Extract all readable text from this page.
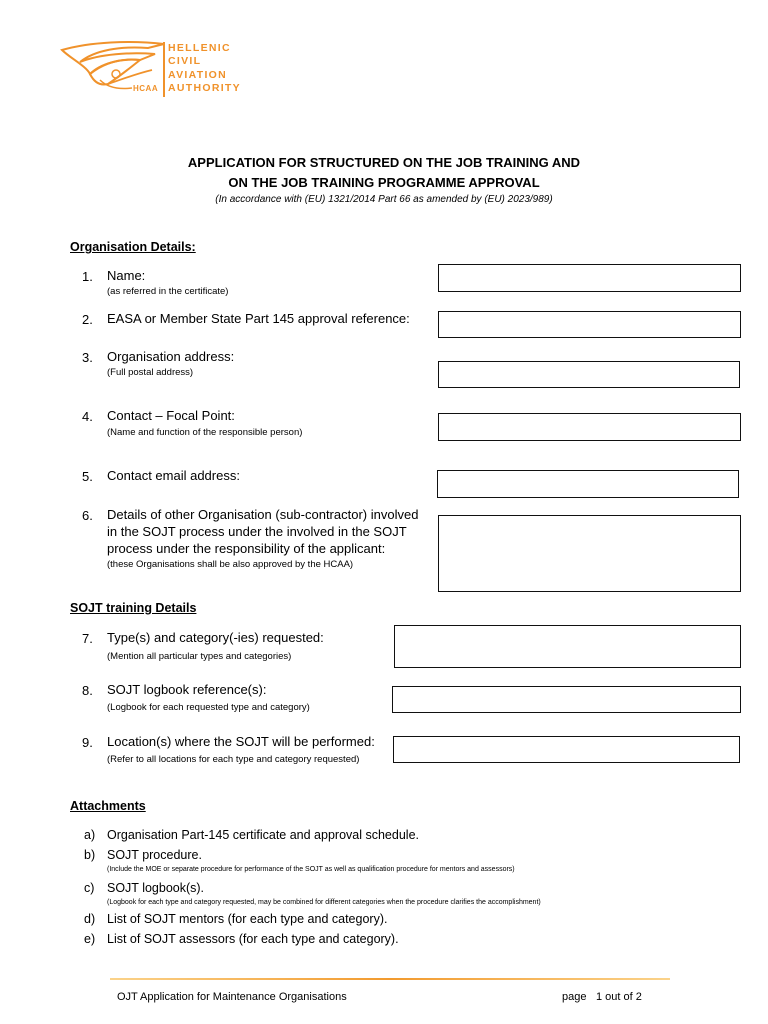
HELLENIC
CIVIL
AVIATION
AUTHORITY
HCAA
APPLICATION FOR STRUCTURED ON THE JOB TRAINING AND
ON THE JOB TRAINING PROGRAMME APPROVAL
(In accordance with (EU) 1321/2014 Part 66 as amended by (EU) 2023/989)
Organisation Details:
1.	Name:
(as referred in the certificate)
2.	EASA or Member State Part 145 approval reference:
3.	Organisation address:
(Full postal address)
4.	Contact – Focal Point:
(Name and function of the responsible person)
5.	Contact email address:
6.	Details of other Organisation (sub-contractor) involved
in the SOJT process under the involved in the SOJT
process under the responsibility of the applicant:
(these Organisations shall be also approved by the HCAA)
SOJT training Details
7.	Type(s) and category(-ies) requested:
(Mention all particular types and categories)
8.	SOJT logbook reference(s):
(Logbook for each requested type and category)
9.	Location(s) where the SOJT will be performed:
(Refer to all locations for each type and category requested)
Attachments
a) Organisation Part-145 certificate and approval schedule.
b) SOJT procedure.
(Include the MOE or separate procedure for performance of the SOJT as well as qualification procedure for mentors and assessors)
c) SOJT logbook(s).
(Logbook for each type and category requested, may be combined for different categories when the procedure clarifies the accomplishment)
d) List of SOJT mentors (for each type and category).
e) List of SOJT assessors (for each type and category).
OJT Application for Maintenance Organisations	page 1 out of 2
